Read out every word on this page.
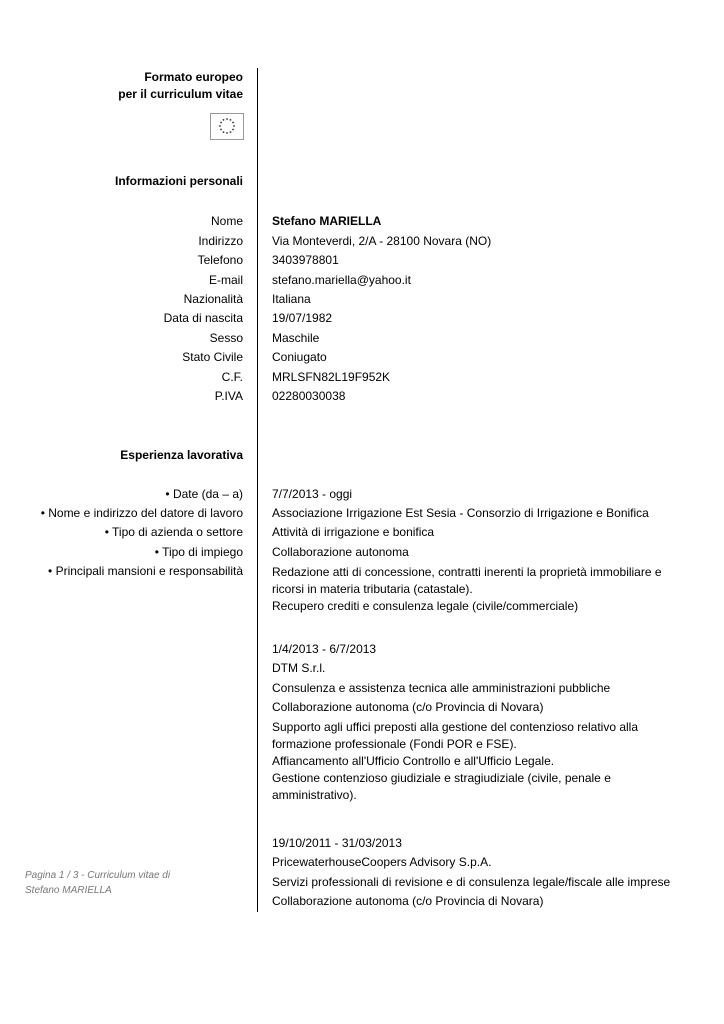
Formato europeo
per il curriculum vitae
Informazioni personali
Nome Stefano MARIELLA
Indirizzo Via Monteverdi, 2/A - 28100 Novara (NO)
Telefono 3403978801
E-mail stefano.mariella@yahoo.it
Nazionalità Italiana
Data di nascita 19/07/1982
Sesso Maschile
Stato Civile Coniugato
C.F. MRLSFN82L19F952K
P.IVA 02280030038
Esperienza lavorativa
• Date (da – a)
• Nome e indirizzo del datore di lavoro
• Tipo di azienda o settore
• Tipo di impiego
• Principali mansioni e responsabilità
7/7/2013 - oggi
Associazione Irrigazione Est Sesia - Consorzio di Irrigazione e Bonifica
Attività di irrigazione e bonifica
Collaborazione autonoma
Redazione atti di concessione, contratti inerenti la proprietà immobiliare e
ricorsi in materia tributaria (catastale).
Recupero crediti e consulenza legale (civile/commerciale)
1/4/2013 - 6/7/2013
DTM S.r.l.
Consulenza e assistenza tecnica alle amministrazioni pubbliche
Collaborazione autonoma (c/o Provincia di Novara)
Supporto agli uffici preposti alla gestione del contenzioso relativo alla
formazione professionale (Fondi POR e FSE).
Affiancamento all'Ufficio Controllo e all'Ufficio Legale.
Gestione contenzioso giudiziale e stragiudiziale (civile, penale e
amministrativo).
19/10/2011 - 31/03/2013
PricewaterhouseCoopers Advisory S.p.A.
Servizi professionali di revisione e di consulenza legale/fiscale alle imprese
Collaborazione autonoma (c/o Provincia di Novara)
Pagina 1 / 3 - Curriculum vitae di
Stefano MARIELLA
